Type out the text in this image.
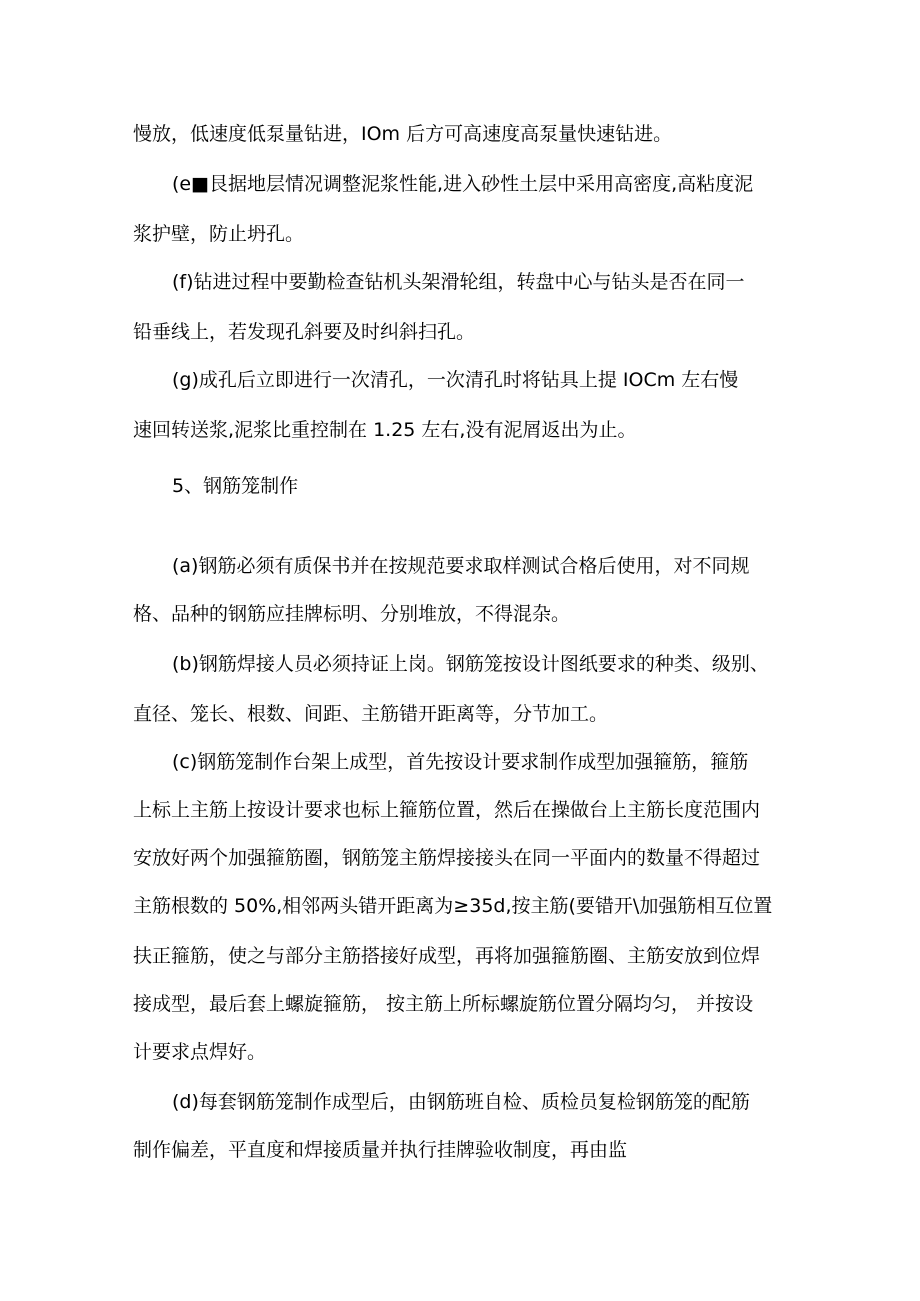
慢放，低速度低泵量钻进，IOm 后方可高速度高泵量快速钻进。

(e■艮据地层情况调整泥浆性能,进入砂性土层中采用高密度,高粘度泥

浆护壁，防止坍孔。

(f)钻进过程中要勤检查钻机头架滑轮组，转盘中心与钻头是否在同一

铅垂线上，若发现孔斜要及时纠斜扫孔。

(g)成孔后立即进行一次清孔，一次清孔时将钻具上提 IOCm 左右慢

速回转送浆,泥浆比重控制在 1.25 左右,没有泥屑返出为止。

5、钢筋笼制作

(a)钢筋必须有质保书并在按规范要求取样测试合格后使用，对不同规

格、品种的钢筋应挂牌标明、分别堆放，不得混杂。

(b)钢筋焊接人员必须持证上岗。钢筋笼按设计图纸要求的种类、级别、

直径、笼长、根数、间距、主筋错开距离等，分节加工。

(c)钢筋笼制作台架上成型，首先按设计要求制作成型加强箍筋，箍筋

上标上主筋上按设计要求也标上箍筋位置，然后在操做台上主筋长度范围内

安放好两个加强箍筋圈，钢筋笼主筋焊接接头在同一平面内的数量不得超过

主筋根数的 50%,相邻两头错开距离为≥35d,按主筋(要错开\加强筋相互位置

扶正箍筋，使之与部分主筋搭接好成型，再将加强箍筋圈、主筋安放到位焊

接成型，最后套上螺旋箍筋， 按主筋上所标螺旋筋位置分隔均匀， 并按设

计要求点焊好。

(d)每套钢筋笼制作成型后，由钢筋班自检、质检员复检钢筋笼的配筋

制作偏差，平直度和焊接质量并执行挂牌验收制度，再由监
